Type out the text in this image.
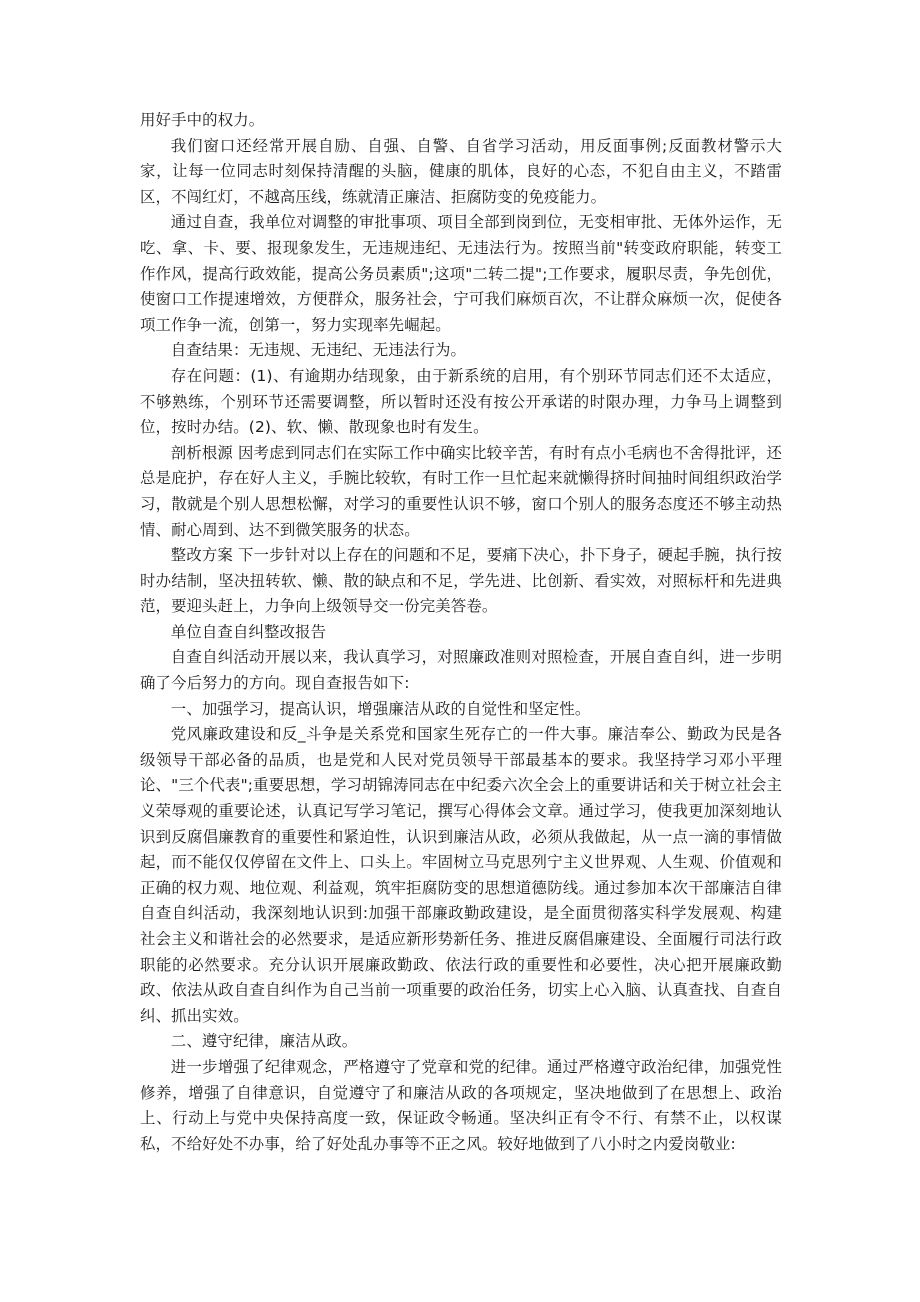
用好手中的权力。

我们窗口还经常开展自励、自强、自警、自省学习活动，用反面事例;反面教材警示大家，让每一位同志时刻保持清醒的头脑，健康的肌体，良好的心态，不犯自由主义，不踏雷区，不闯红灯，不越高压线，练就清正廉洁、拒腐防变的免疫能力。

通过自查，我单位对调整的审批事项、项目全部到岗到位，无变相审批、无体外运作，无吃、拿、卡、要、报现象发生，无违规违纪、无违法行为。按照当前"转变政府职能，转变工作作风，提高行政效能，提高公务员素质";这项"二转二提";工作要求，履职尽责，争先创优，使窗口工作提速增效，方便群众，服务社会，宁可我们麻烦百次，不让群众麻烦一次，促使各项工作争一流，创第一，努力实现率先崛起。

自查结果：无违规、无违纪、无违法行为。

存在问题：(1)、有逾期办结现象，由于新系统的启用，有个别环节同志们还不太适应，不够熟练，个别环节还需要调整，所以暂时还没有按公开承诺的时限办理，力争马上调整到位，按时办结。(2)、软、懒、散现象也时有发生。

剖析根源 因考虑到同志们在实际工作中确实比较辛苦，有时有点小毛病也不舍得批评，还总是庇护，存在好人主义，手腕比较软，有时工作一旦忙起来就懒得挤时间抽时间组织政治学习，散就是个别人思想松懈，对学习的重要性认识不够，窗口个别人的服务态度还不够主动热情、耐心周到、达不到微笑服务的状态。

整改方案 下一步针对以上存在的问题和不足，要痛下决心，扑下身子，硬起手腕，执行按时办结制，坚决扭转软、懒、散的缺点和不足，学先进、比创新、看实效，对照标杆和先进典范，要迎头赶上，力争向上级领导交一份完美答卷。

单位自查自纠整改报告

自查自纠活动开展以来，我认真学习，对照廉政准则对照检查，开展自查自纠，进一步明确了今后努力的方向。现自查报告如下:

一、加强学习，提高认识，增强廉洁从政的自觉性和坚定性。

党风廉政建设和反_斗争是关系党和国家生死存亡的一件大事。廉洁奉公、勤政为民是各级领导干部必备的品质，也是党和人民对党员领导干部最基本的要求。我坚持学习邓小平理论、"三个代表";重要思想，学习胡锦涛同志在中纪委六次全会上的重要讲话和关于树立社会主义荣辱观的重要论述，认真记写学习笔记，撰写心得体会文章。通过学习，使我更加深刻地认识到反腐倡廉教育的重要性和紧迫性，认识到廉洁从政，必须从我做起，从一点一滴的事情做起，而不能仅仅停留在文件上、口头上。牢固树立马克思列宁主义世界观、人生观、价值观和正确的权力观、地位观、利益观，筑牢拒腐防变的思想道德防线。通过参加本次干部廉洁自律自查自纠活动，我深刻地认识到:加强干部廉政勤政建设，是全面贯彻落实科学发展观、构建社会主义和谐社会的必然要求，是适应新形势新任务、推进反腐倡廉建设、全面履行司法行政职能的必然要求。充分认识开展廉政勤政、依法行政的重要性和必要性，决心把开展廉政勤政、依法从政自查自纠作为自己当前一项重要的政治任务，切实上心入脑、认真查找、自查自纠、抓出实效。

二、遵守纪律，廉洁从政。

进一步增强了纪律观念，严格遵守了党章和党的纪律。通过严格遵守政治纪律，加强党性修养，增强了自律意识，自觉遵守了和廉洁从政的各项规定，坚决地做到了在思想上、政治上、行动上与党中央保持高度一致，保证政令畅通。坚决纠正有令不行、有禁不止，以权谋私，不给好处不办事，给了好处乱办事等不正之风。较好地做到了八小时之内爱岗敬业:
